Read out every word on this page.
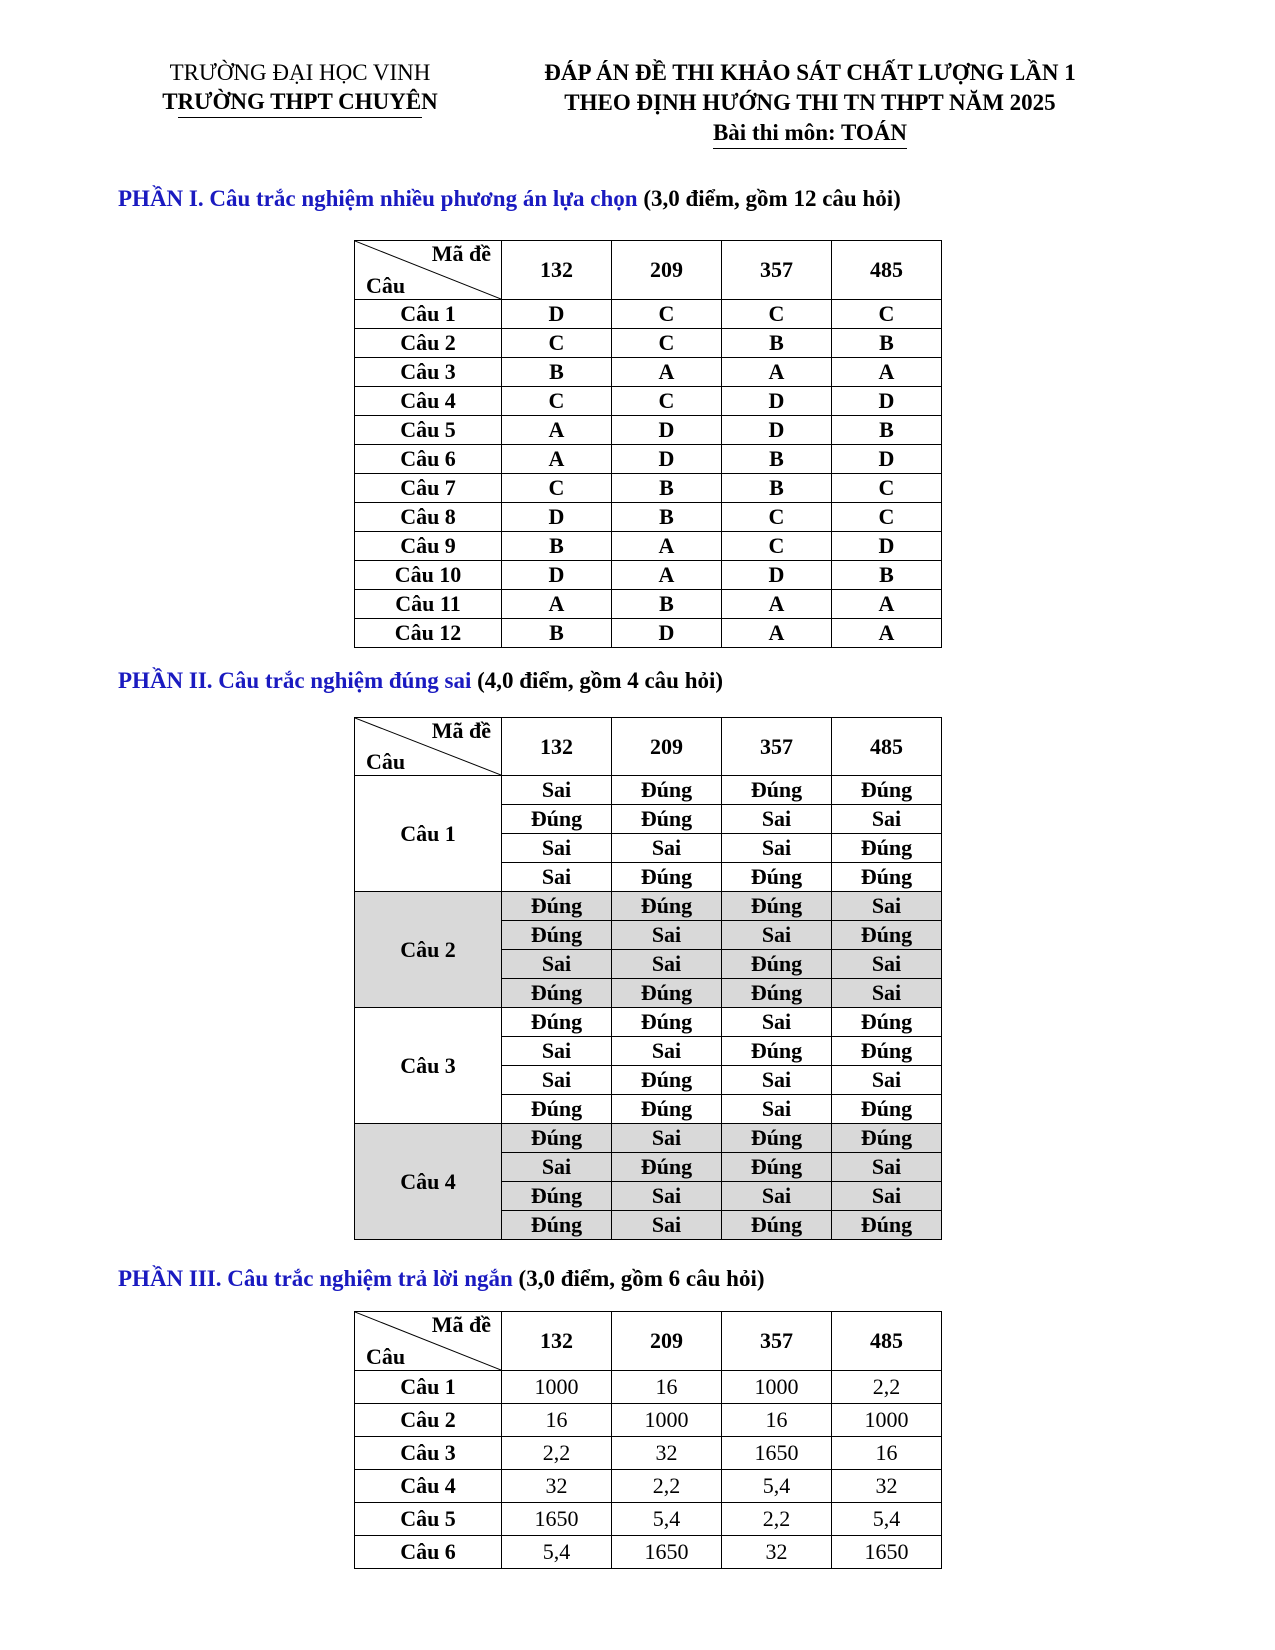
TRƯỜNG ĐẠI HỌC VINH
TRƯỜNG THPT CHUYÊN
ĐÁP ÁN ĐỀ THI KHẢO SÁT CHẤT LƯỢNG LẦN 1
THEO ĐỊNH HƯỚNG THI TN THPT NĂM 2025
Bài thi môn: TOÁN
PHẦN I. Câu trắc nghiệm nhiều phương án lựa chọn (3,0 điểm, gồm 12 câu hỏi)
Mã đề
Câu	132	209	357	485
Câu 1	D	C	C	C
Câu 2	C	C	B	B
Câu 3	B	A	A	A
Câu 4	C	C	D	D
Câu 5	A	D	D	B
Câu 6	A	D	B	D
Câu 7	C	B	B	C
Câu 8	D	B	C	C
Câu 9	B	A	C	D
Câu 10	D	A	D	B
Câu 11	A	B	A	A
Câu 12	B	D	A	A
PHẦN II. Câu trắc nghiệm đúng sai (4,0 điểm, gồm 4 câu hỏi)
Mã đề
Câu	132	209	357	485
Câu 1	Sai	Đúng	Đúng	Đúng
	Đúng	Đúng	Sai	Sai
	Sai	Sai	Sai	Đúng
	Sai	Đúng	Đúng	Đúng
Câu 2	Đúng	Đúng	Đúng	Sai
	Đúng	Sai	Sai	Đúng
	Sai	Sai	Đúng	Sai
	Đúng	Đúng	Đúng	Sai
Câu 3	Đúng	Đúng	Sai	Đúng
	Sai	Sai	Đúng	Đúng
	Sai	Đúng	Sai	Sai
	Đúng	Đúng	Sai	Đúng
Câu 4	Đúng	Sai	Đúng	Đúng
	Sai	Đúng	Đúng	Sai
	Đúng	Sai	Sai	Sai
	Đúng	Sai	Đúng	Đúng
PHẦN III. Câu trắc nghiệm trả lời ngắn (3,0 điểm, gồm 6 câu hỏi)
Mã đề
Câu	132	209	357	485
Câu 1	1000	16	1000	2,2
Câu 2	16	1000	16	1000
Câu 3	2,2	32	1650	16
Câu 4	32	2,2	5,4	32
Câu 5	1650	5,4	2,2	5,4
Câu 6	5,4	1650	32	1650
